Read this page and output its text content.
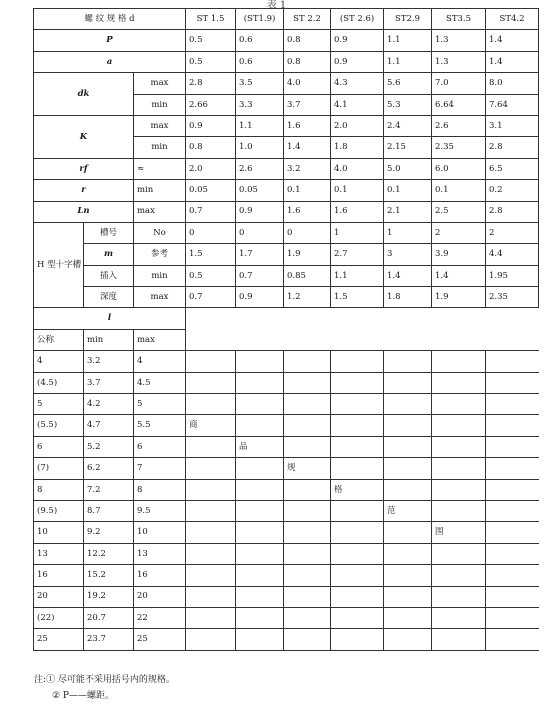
表 1
螺 纹 规 格 d			ST 1.5	(ST1.9)	ST 2.2	(ST 2.6)	ST2.9	ST3.5	ST4.2
P			0.5	0.6	0.8	0.9	1.1	1.3	1.4
a			0.5	0.6	0.8	0.9	1.1	1.3	1.4
dk		max	2.8	3.5	4.0	4.3	5.6	7.0	8.0
		min	2.66	3.3	3.7	4.1	5.3	6.64	7.64
K		max	0.9	1.1	1.6	2.0	2.4	2.6	3.1
		min	0.8	1.0	1.4	1.8	2.15	2.35	2.8
rf		≈	2.0	2.6	3.2	4.0	5.0	6.0	6.5
r		min	0.05	0.05	0.1	0.1	0.1	0.1	0.2
Ln		max	0.7	0.9	1.6	1.6	2.1	2.5	2.8
H 型十字槽	槽号	No	0	0	0	1	1	2	2
	m	参考	1.5	1.7	1.9	2.7	3	3.9	4.4
	插入	min	0.5	0.7	0.85	1.1	1.4	1.4	1.95
	深度	max	0.7	0.9	1.2	1.5	1.8	1.9	2.35
l									
公称	min	max							
4	3.2	4							
(4.5)	3.7	4.5							
5	4.2	5							
(5.5)	4.7	5.5	商						
6	5.2	6		品					
(7)	6.2	7			规				
8	7.2	8				格			
(9.5)	8.7	9.5					范		
10	9.2	10						围	
13	12.2	13							
16	15.2	16							
20	19.2	20							
(22)	20.7	22							
25	23.7	25							
注:① 尽可能不采用括号内的规格。
② P——螺距。
